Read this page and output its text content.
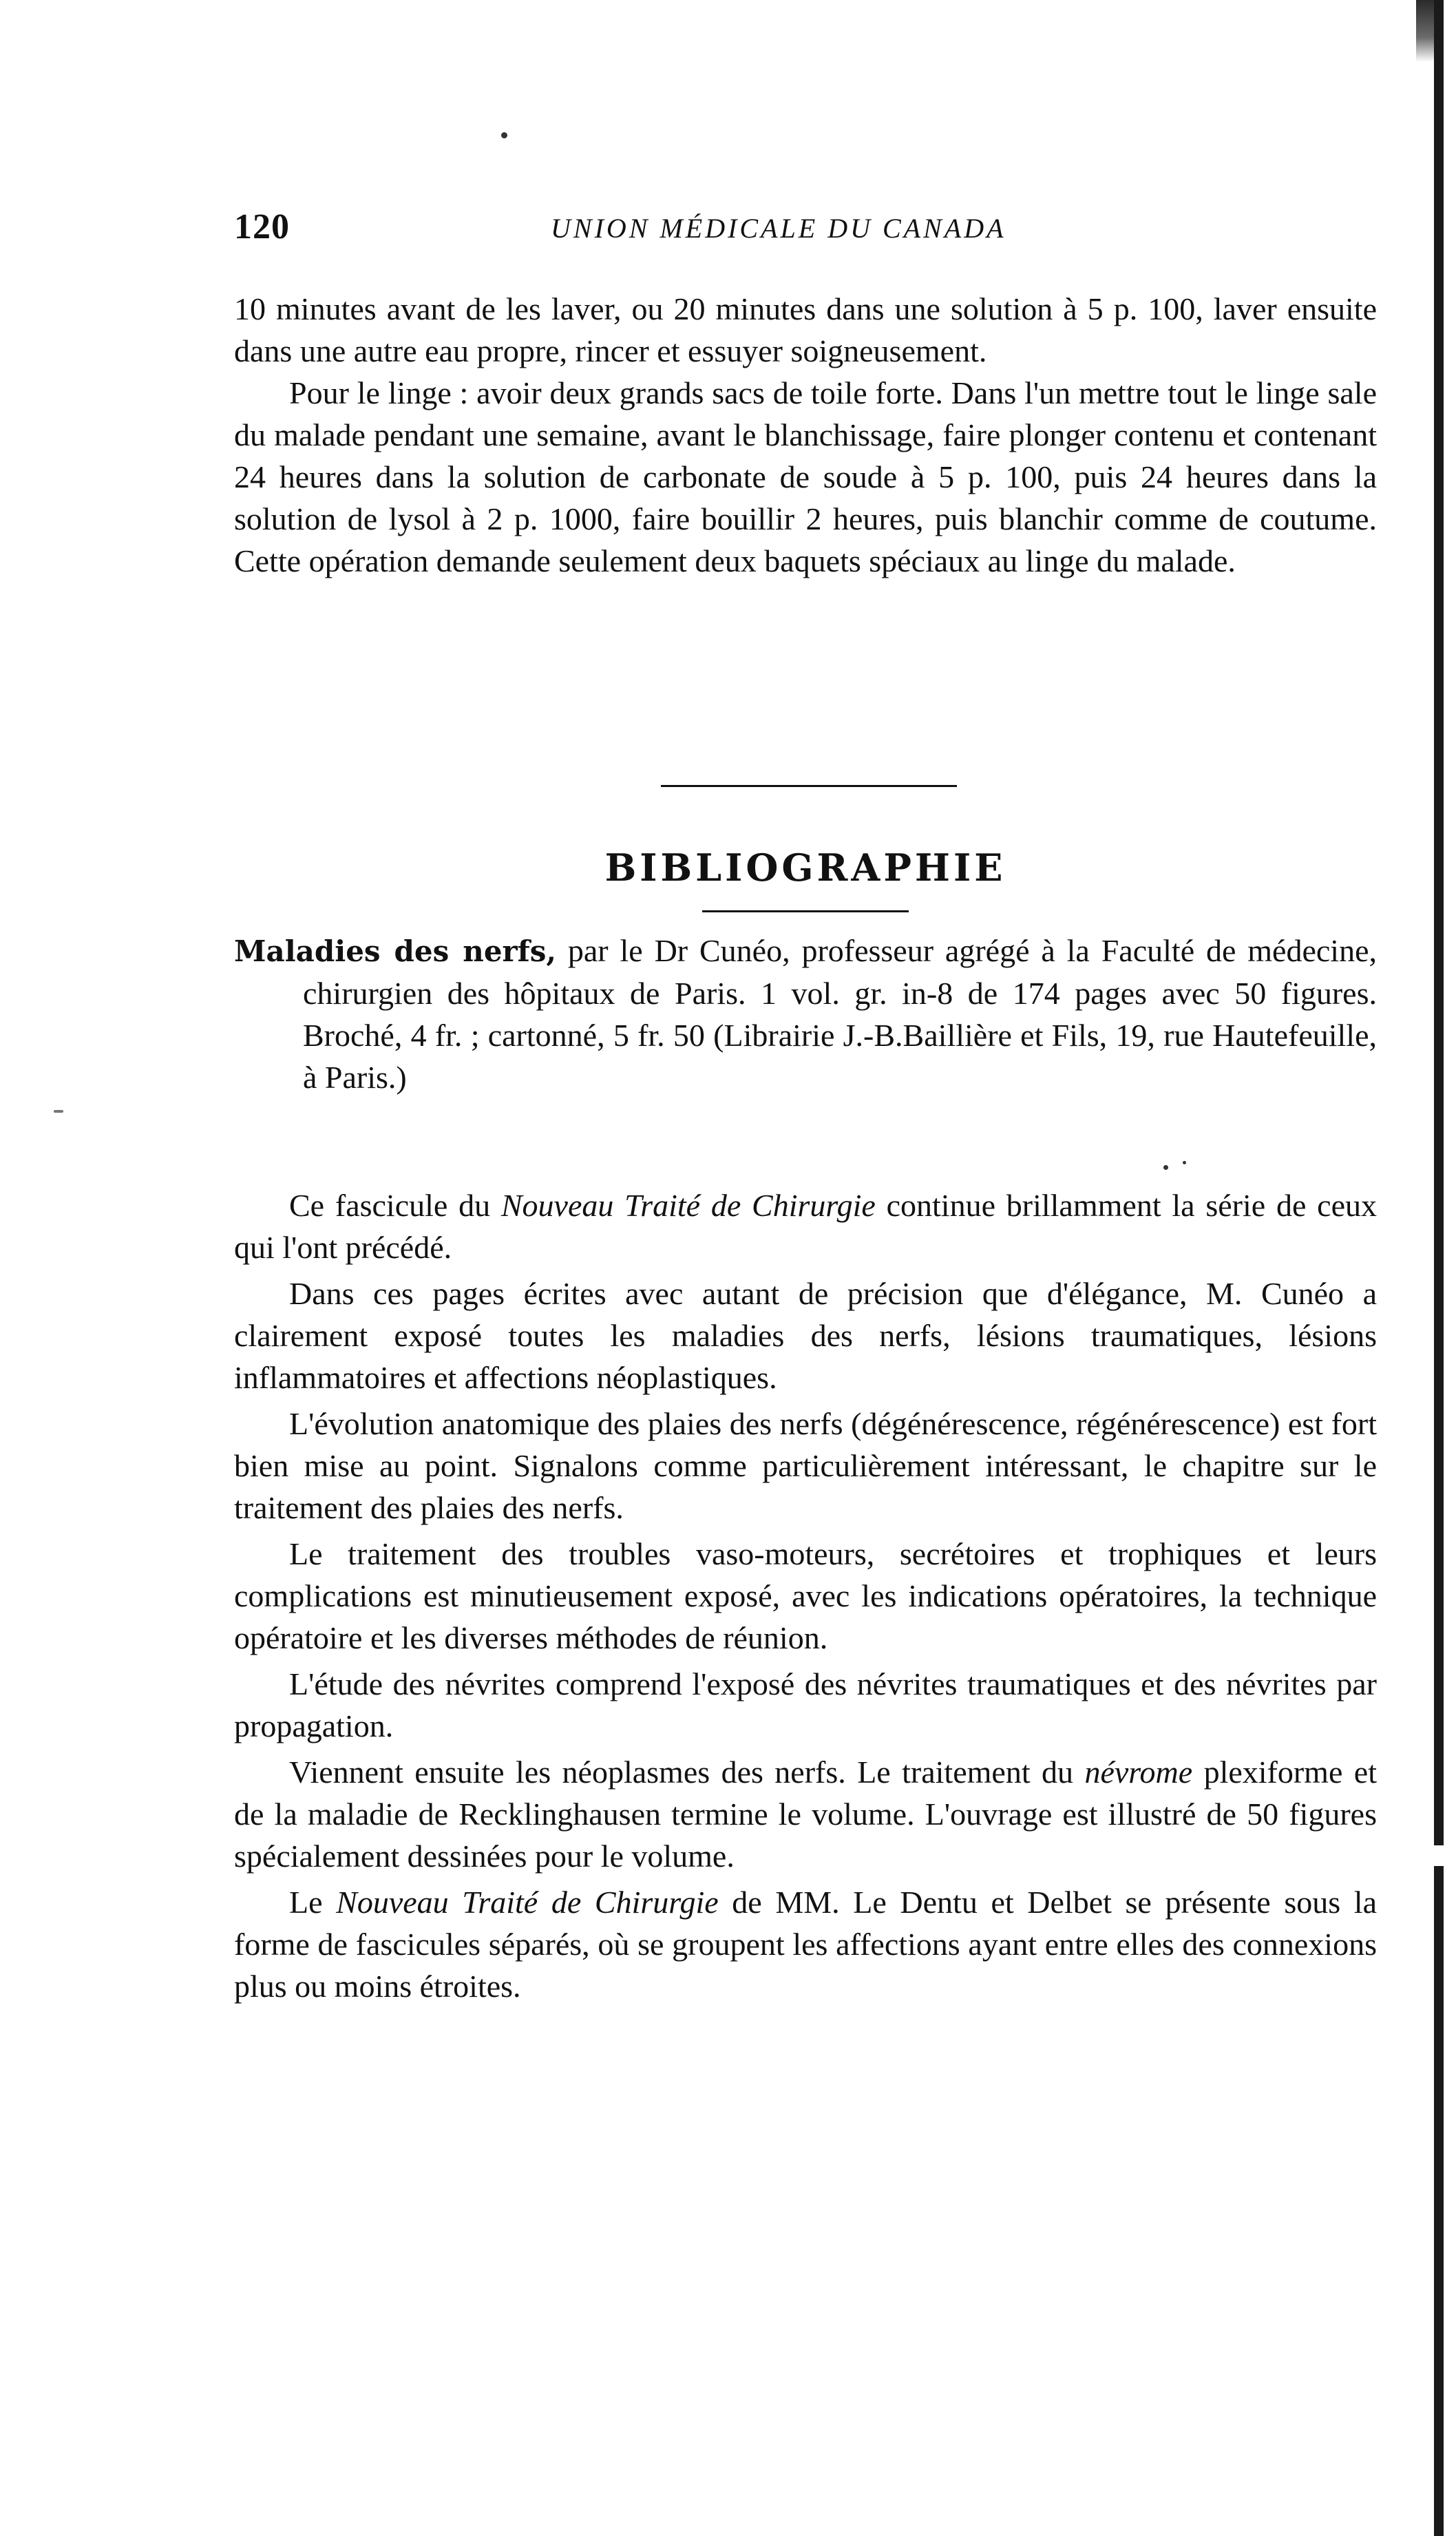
120	UNION MÉDICALE DU CANADA

10 minutes avant de les laver, ou 20 minutes dans une solution à 5 p. 100, laver ensuite dans une autre eau propre, rincer et essuyer soigneusement.

Pour le linge : avoir deux grands sacs de toile forte. Dans l'un mettre tout le linge sale du malade pendant une semaine, avant le blanchissage, faire plonger contenu et contenant 24 heures dans la solution de carbonate de soude à 5 p. 100, puis 24 heures dans la solution de lysol à 2 p. 1000, faire bouillir 2 heures, puis blanchir comme de coutume. Cette opération demande seulement deux baquets spéciaux au linge du malade.

BIBLIOGRAPHIE
Maladies des nerfs, par le Dr Cunéo, professeur agrégé à la Faculté de médecine, chirurgien des hôpitaux de Paris. 1 vol. gr. in-8 de 174 pages avec 50 figures. Broché, 4 fr. ; cartonné, 5 fr. 50 (Librairie J.-B.Baillière et Fils, 19, rue Hautefeuille, à Paris.)

Ce fascicule du Nouveau Traité de Chirurgie continue brillamment la série de ceux qui l'ont précédé.

Dans ces pages écrites avec autant de précision que d'élégance, M. Cunéo a clairement exposé toutes les maladies des nerfs, lésions traumatiques, lésions inflammatoires et affections néoplastiques.

L'évolution anatomique des plaies des nerfs (dégénérescence, régénérescence) est fort bien mise au point. Signalons comme particulièrement intéressant, le chapitre sur le traitement des plaies des nerfs.

Le traitement des troubles vaso-moteurs, secrétoires et trophiques et leurs complications est minutieusement exposé, avec les indications opératoires, la technique opératoire et les diverses méthodes de réunion.

L'étude des névrites comprend l'exposé des névrites traumatiques et des névrites par propagation.

Viennent ensuite les néoplasmes des nerfs. Le traitement du névrome plexiforme et de la maladie de Recklinghausen termine le volume. L'ouvrage est illustré de 50 figures spécialement dessinées pour le volume.

Le Nouveau Traité de Chirurgie de MM. Le Dentu et Delbet se présente sous la forme de fascicules séparés, où se groupent les affections ayant entre elles des connexions plus ou moins étroites.
